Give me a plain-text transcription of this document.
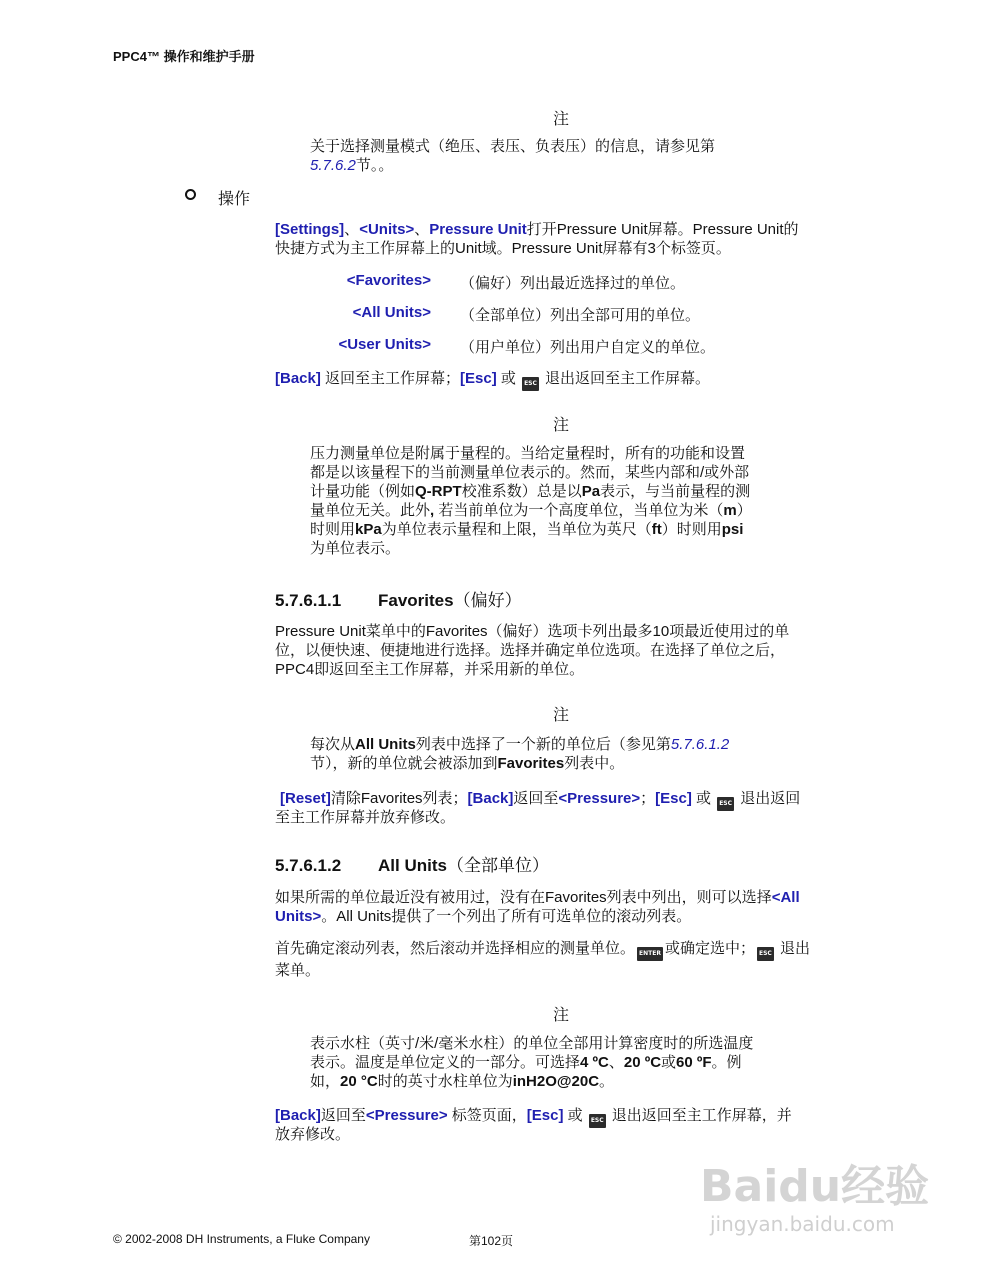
PPC4™ 操作和维护手册
注
关于选择测量模式（绝压、表压、负表压）的信息，请参见第
5.7.6.2节。。
操作
[Settings]、<Units>、Pressure Unit打开Pressure Unit屏幕。Pressure Unit的
快捷方式为主工作屏幕上的Unit域。Pressure Unit屏幕有3个标签页。
<Favorites> （偏好）列出最近选择过的单位。
<All Units> （全部单位）列出全部可用的单位。
<User Units> （用户单位）列出用户自定义的单位。
[Back] 返回至主工作屏幕；[Esc] 或 ESC 退出返回至主工作屏幕。
注
压力测量单位是附属于量程的。当给定量程时，所有的功能和设置
都是以该量程下的当前测量单位表示的。然而，某些内部和/或外部
计量功能（例如Q-RPT校准系数）总是以Pa表示，与当前量程的测
量单位无关。此外, 若当前单位为一个高度单位，当单位为米（m）
时则用kPa为单位表示量程和上限，当单位为英尺（ft）时则用psi
为单位表示。
5.7.6.1.1 Favorites（偏好）
Pressure Unit菜单中的Favorites（偏好）选项卡列出最多10项最近使用过的单
位，以便快速、便捷地进行选择。选择并确定单位选项。在选择了单位之后，
PPC4即返回至主工作屏幕，并采用新的单位。
注
每次从All Units列表中选择了一个新的单位后（参见第5.7.6.1.2
节），新的单位就会被添加到Favorites列表中。
[Reset]清除Favorites列表；[Back]返回至<Pressure>；[Esc] 或 ESC 退出返回
至主工作屏幕并放弃修改。
5.7.6.1.2 All Units（全部单位）
如果所需的单位最近没有被用过，没有在Favorites列表中列出，则可以选择<All
Units>。All Units提供了一个列出了所有可选单位的滚动列表。
首先确定滚动列表，然后滚动并选择相应的测量单位。 ENTER 或确定选中； ESC 退出
菜单。
注
表示水柱（英寸/米/毫米水柱）的单位全部用计算密度时的所选温度
表示。温度是单位定义的一部分。可选择4 ºC、20 ºC或60 ºF。例
如，20 °C时的英寸水柱单位为inH2O@20C。
[Back]返回至<Pressure> 标签页面，[Esc] 或 ESC 退出返回至主工作屏幕，并
放弃修改。
Baidu经验
jingyan.baidu.com
© 2002-2008 DH Instruments, a Fluke Company	第102页
